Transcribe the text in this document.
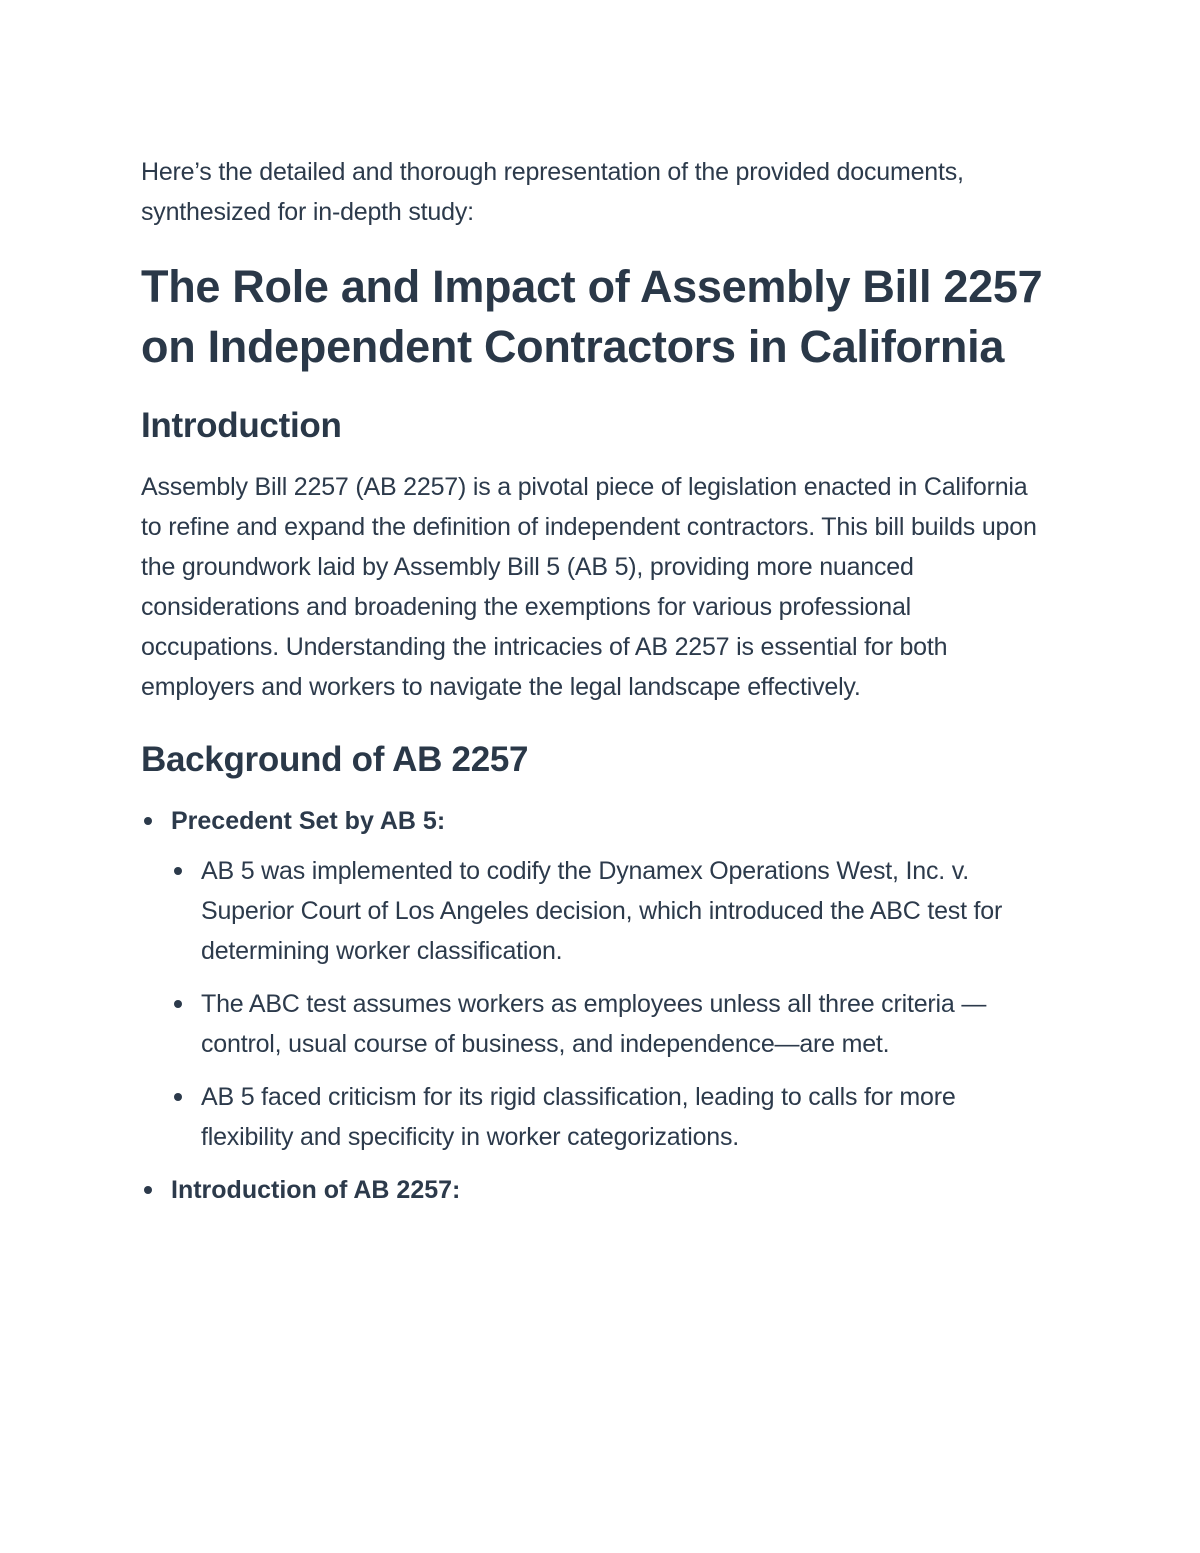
Here’s the detailed and thorough representation of the provided documents, synthesized for in-depth study:

The Role and Impact of Assembly Bill 2257 on Independent Contractors in California
Introduction

Assembly Bill 2257 (AB 2257) is a pivotal piece of legislation enacted in California to refine and expand the definition of independent contractors. This bill builds upon the groundwork laid by Assembly Bill 5 (AB 5), providing more nuanced considerations and broadening the exemptions for various professional occupations. Understanding the intricacies of AB 2257 is essential for both employers and workers to navigate the legal landscape effectively.

Background of AB 2257
Precedent Set by AB 5:
AB 5 was implemented to codify the Dynamex Operations West, Inc. v. Superior Court of Los Angeles decision, which introduced the ABC test for determining worker classification.
The ABC test assumes workers as employees unless all three criteria —control, usual course of business, and independence—are met.
AB 5 faced criticism for its rigid classification, leading to calls for more flexibility and specificity in worker categorizations.
Introduction of AB 2257:
